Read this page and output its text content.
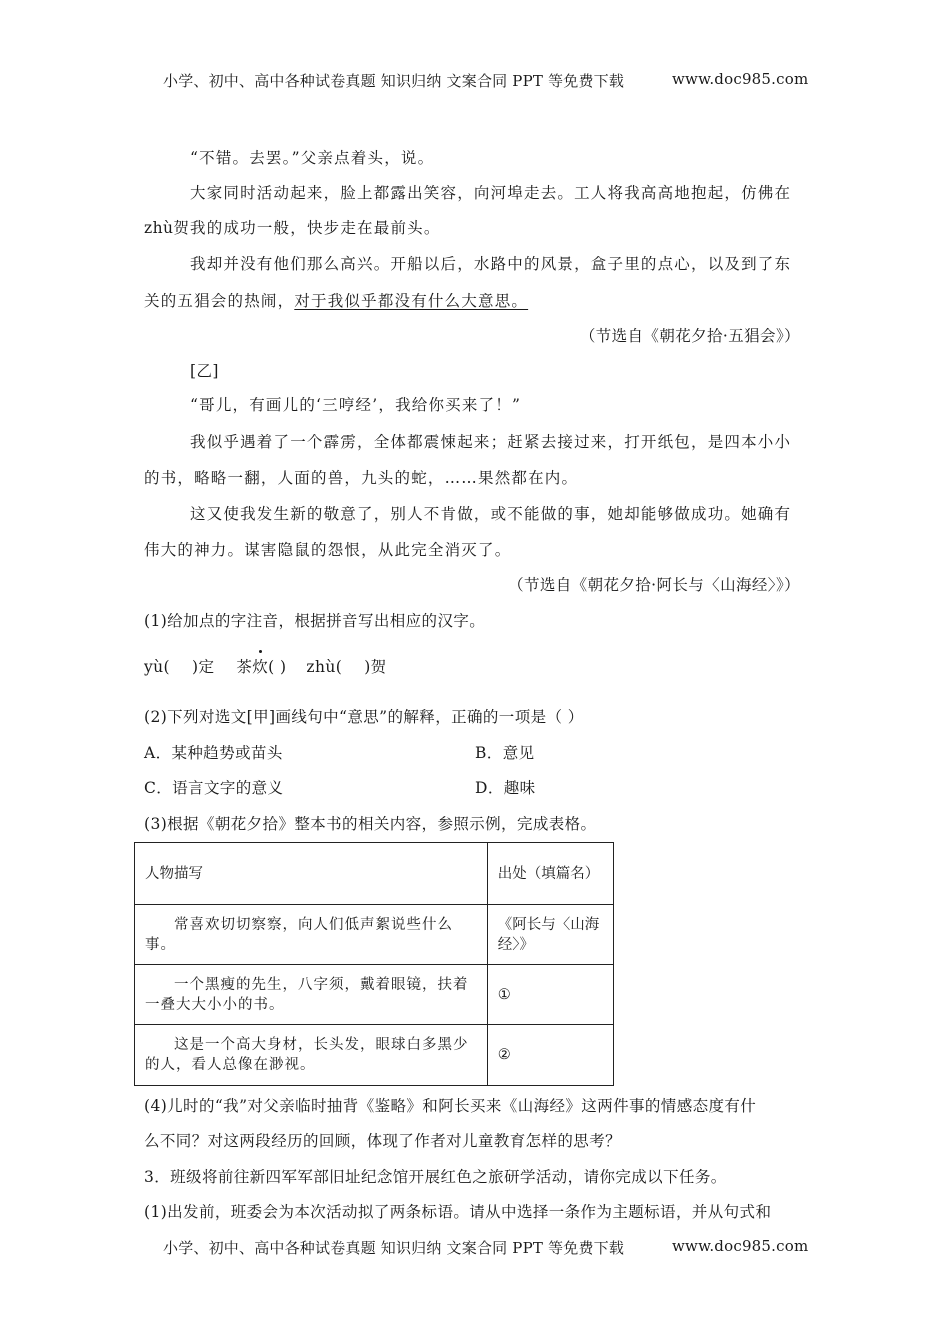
小学、初中、高中各种试卷真题 知识归纳 文案合同 PPT 等免费下载	www.doc985.com
“不错。去罢。”父亲点着头，说。
大家同时活动起来，脸上都露出笑容，向河埠走去。工人将我高高地抱起，仿佛在
zhù贺我的成功一般，快步走在最前头。
我却并没有他们那么高兴。开船以后，水路中的风景，盒子里的点心，以及到了东
关的五猖会的热闹，对于我似乎都没有什么大意思。
（节选自《朝花夕拾·五猖会》）
[乙]
“哥儿，有画儿的‘三哼经’，我给你买来了！”
我似乎遇着了一个霹雳，全体都震悚起来；赶紧去接过来，打开纸包，是四本小小
的书，略略一翻，人面的兽，九头的蛇，……果然都在内。
这又使我发生新的敬意了，别人不肯做，或不能做的事，她却能够做成功。她确有
伟大的神力。谋害隐鼠的怨恨，从此完全消灭了。
（节选自《朝花夕拾·阿长与〈山海经〉》）
(1)给加点的字注音，根据拼音写出相应的汉字。
yù( )定 茶炊( ) zhù( )贺
(2)下列对选文[甲]画线句中“意思”的解释，正确的一项是（ ）
A．某种趋势或苗头	B．意见
C．语言文字的意义	D．趣味
(3)根据《朝花夕拾》整本书的相关内容，参照示例，完成表格。
人物描写	出处（填篇名）

常喜欢切切察察，向人们低声絮说些什么事。	《阿长与〈山海经〉》

一个黑瘦的先生，八字须，戴着眼镜，扶着一叠大大小小的书。	①

这是一个高大身材，长头发，眼球白多黑少的人，看人总像在渺视。	②
(4)儿时的“我”对父亲临时抽背《鉴略》和阿长买来《山海经》这两件事的情感态度有什
么不同？对这两段经历的回顾，体现了作者对儿童教育怎样的思考？
3．班级将前往新四军军部旧址纪念馆开展红色之旅研学活动，请你完成以下任务。
(1)出发前，班委会为本次活动拟了两条标语。请从中选择一条作为主题标语，并从句式和
小学、初中、高中各种试卷真题 知识归纳 文案合同 PPT 等免费下载	www.doc985.com
